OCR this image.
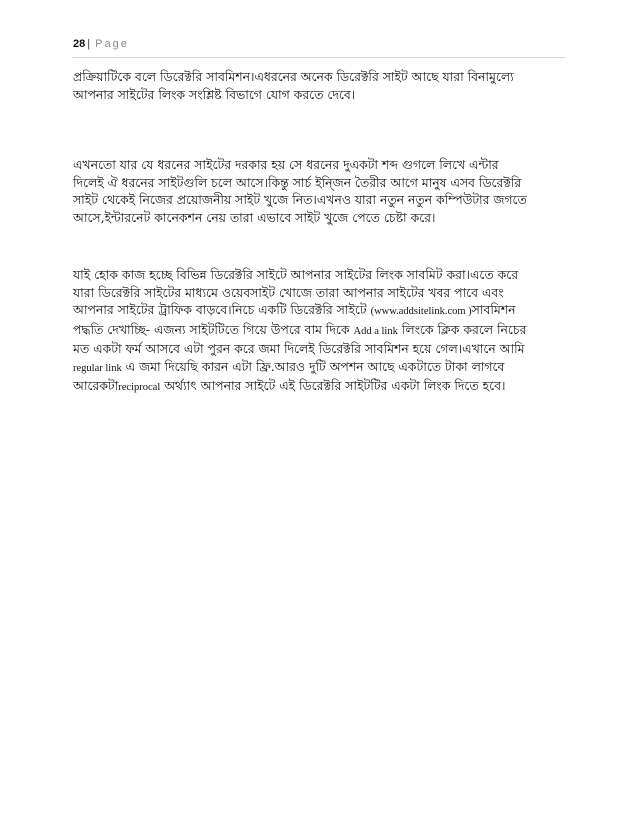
28 | Page

প্রক্রিয়াটিকে বলে ডিরেক্টরি সাবমিশন।এধরনের অনেক ডিরেক্টরি সাইট আছে যারা বিনামুল্যে
আপনার সাইটের লিংক সংশ্লিষ্ট বিভাগে যোগ করতে দেবে।

এখনতো যার যে ধরনের সাইটের দরকার হয় সে ধরনের দুএকটা শব্দ গুগলে লিখে এন্টার
দিলেই ঐ ধরনের সাইটগুলি চলে আসে।কিন্তু সার্চ ইন্জিন তৈরীর আগে মানুষ এসব ডিরেক্টরি
সাইট থেকেই নিজের প্রয়োজনীয় সাইট খুজে নিত।এখনও যারা নতুন নতুন কম্পিউটার জগতে
আসে,ইন্টারনেট কানেকশন নেয় তারা এভাবে সাইট খুজে পেতে চেষ্টা করে।

যাই হোক কাজ হচ্ছে বিভিন্ন ডিরেক্টরি সাইটে আপনার সাইটের লিংক সাবমিট করা।এতে করে
যারা ডিরেক্টরি সাইটের মাধ্যমে ওয়েবসাইট খোজে তারা আপনার সাইটের খবর পাবে এবং
আপনার সাইটের ট্রাফিক বাড়বে।নিচে একটি ডিরেক্টরি সাইটে (www.addsitelink.com )সাবমিশন
পদ্ধতি দেখাচ্ছি- এজন্য সাইটটিতে গিয়ে উপরে বাম দিকে Add a link লিংকে ক্লিক করলে নিচের
মত একটা ফর্ম আসবে এটা পুরন করে জমা দিলেই ডিরেক্টরি সাবমিশন হয়ে গেল।এখানে আমি
regular link এ জমা দিয়েছি কারন এটা ফ্রি.আরও দুটি অপশন আছে একটাতে টাকা লাগবে
আরেকটাreciprocal অর্থ্যাৎ আপনার সাইটে এই ডিরেক্টরি সাইটটির একটা লিংক দিতে হবে।
